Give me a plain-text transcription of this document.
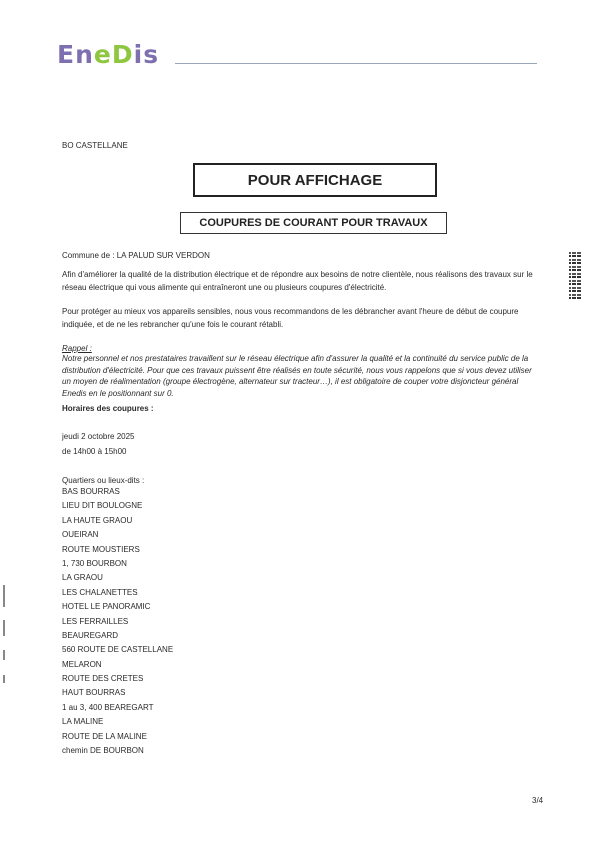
EneDis
BO CASTELLANE
POUR AFFICHAGE
COUPURES DE COURANT POUR TRAVAUX
Commune de : LA PALUD SUR VERDON
Afin d'améliorer la qualité de la distribution électrique et de répondre aux besoins de notre clientèle, nous réalisons des travaux sur le réseau électrique qui vous alimente qui entraîneront une ou plusieurs coupures d'électricité.
Pour protéger au mieux vos appareils sensibles, nous vous recommandons de les débrancher avant l'heure de début de coupure indiquée, et de ne les rebrancher qu'une fois le courant rétabli.
Rappel :
Notre personnel et nos prestataires travaillent sur le réseau électrique afin d'assurer la qualité et la continuité du service public de la distribution d'électricité. Pour que ces travaux puissent être réalisés en toute sécurité, nous vous rappelons que si vous devez utiliser un moyen de réalimentation (groupe électrogène, alternateur sur tracteur…), il est obligatoire de couper votre disjoncteur général Enedis en le positionnant sur 0.
Horaires des coupures :
jeudi 2 octobre 2025
de 14h00 à 15h00
Quartiers ou lieux-dits :
BAS BOURRAS
LIEU DIT BOULOGNE
LA HAUTE GRAOU
OUEIRAN
ROUTE MOUSTIERS
1, 730 BOURBON
LA GRAOU
LES CHALANETTES
HOTEL LE PANORAMIC
LES FERRAILLES
BEAUREGARD
560 ROUTE DE CASTELLANE
MELARON
ROUTE DES CRETES
HAUT BOURRAS
1 au 3, 400 BEAREGART
LA MALINE
ROUTE DE LA MALINE
chemin DE BOURBON
3/4
